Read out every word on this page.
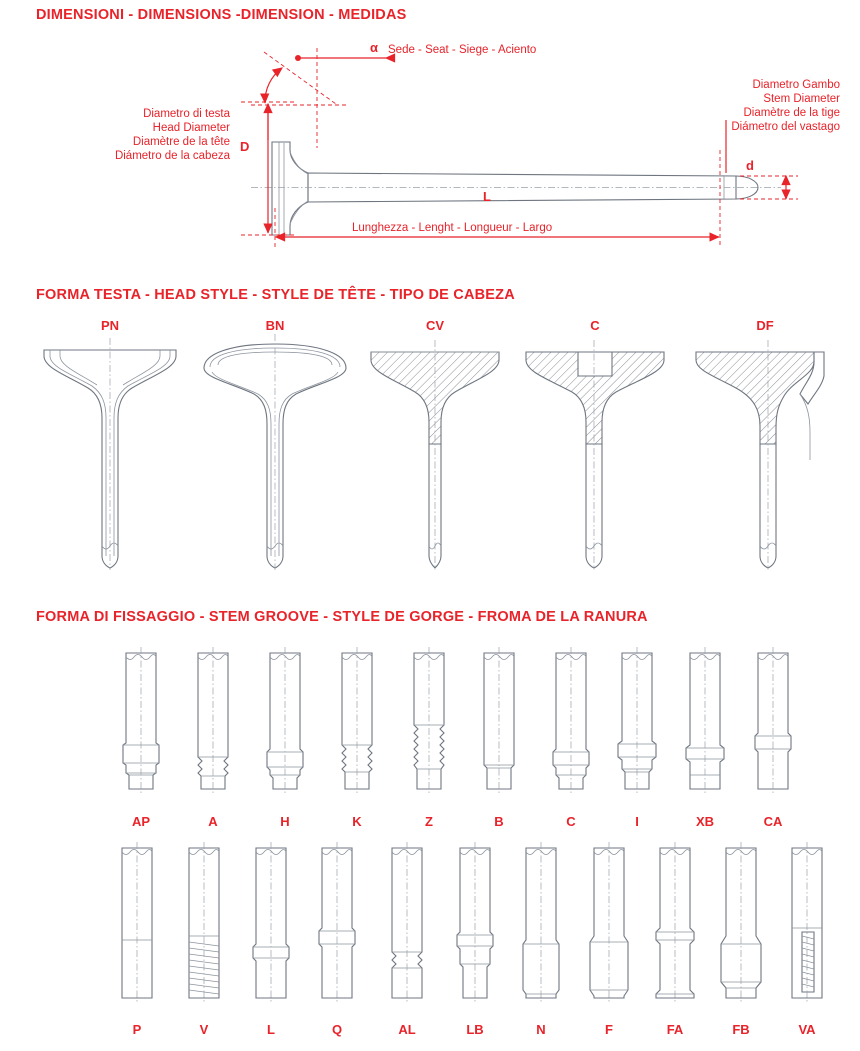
DIMENSIONI - DIMENSIONS -DIMENSION - MEDIDAS
Sede - Seat - Siege - Aciento
α
Diametro di testa
Head Diameter
Diamètre de la tête
Diámetro de la cabeza
D
Diametro Gambo
Stem Diameter
Diamètre de la tige
Diámetro del vastago
d
Lunghezza - Lenght - Longueur - Largo
L
FORMA TESTA - HEAD STYLE - STYLE DE TÊTE - TIPO DE CABEZA
PN	BN	CV	C	DF
FORMA DI FISSAGGIO - STEM GROOVE - STYLE DE GORGE - FROMA DE LA RANURA
AP	A	H	K	Z	B	C	I	XB	CA
P	V	L	Q	AL	LB	N	F	FA	FB	VA
